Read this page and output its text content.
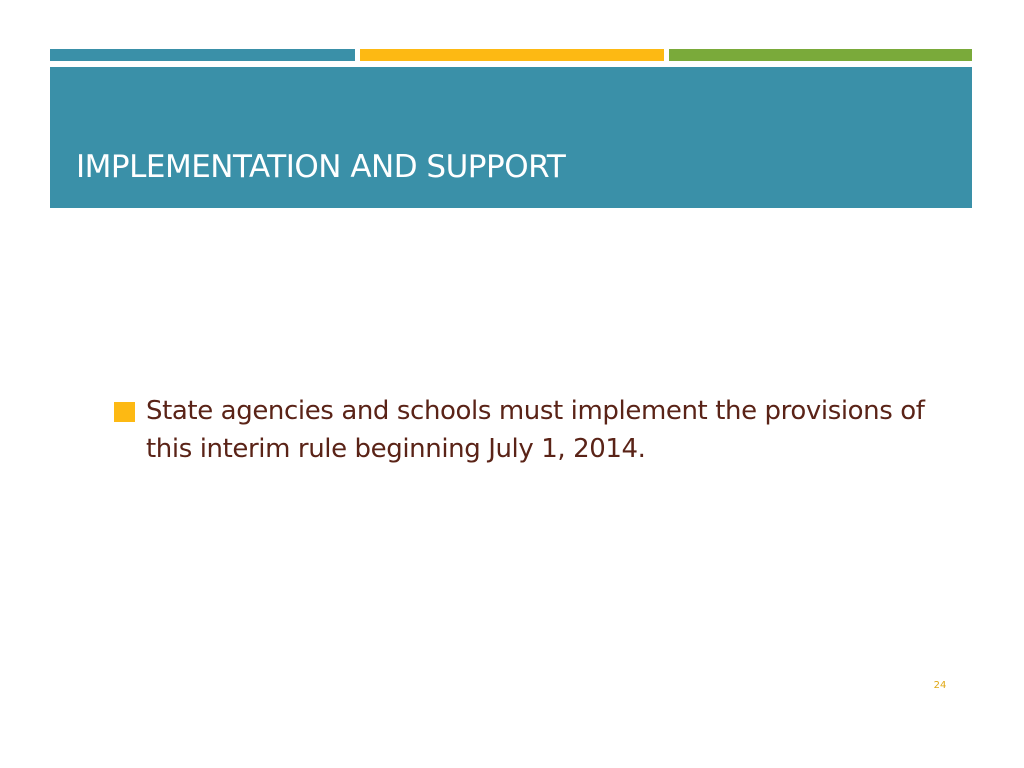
IMPLEMENTATION AND SUPPORT

State agencies and schools must implement the provisions of this interim rule beginning July 1, 2014.

24
